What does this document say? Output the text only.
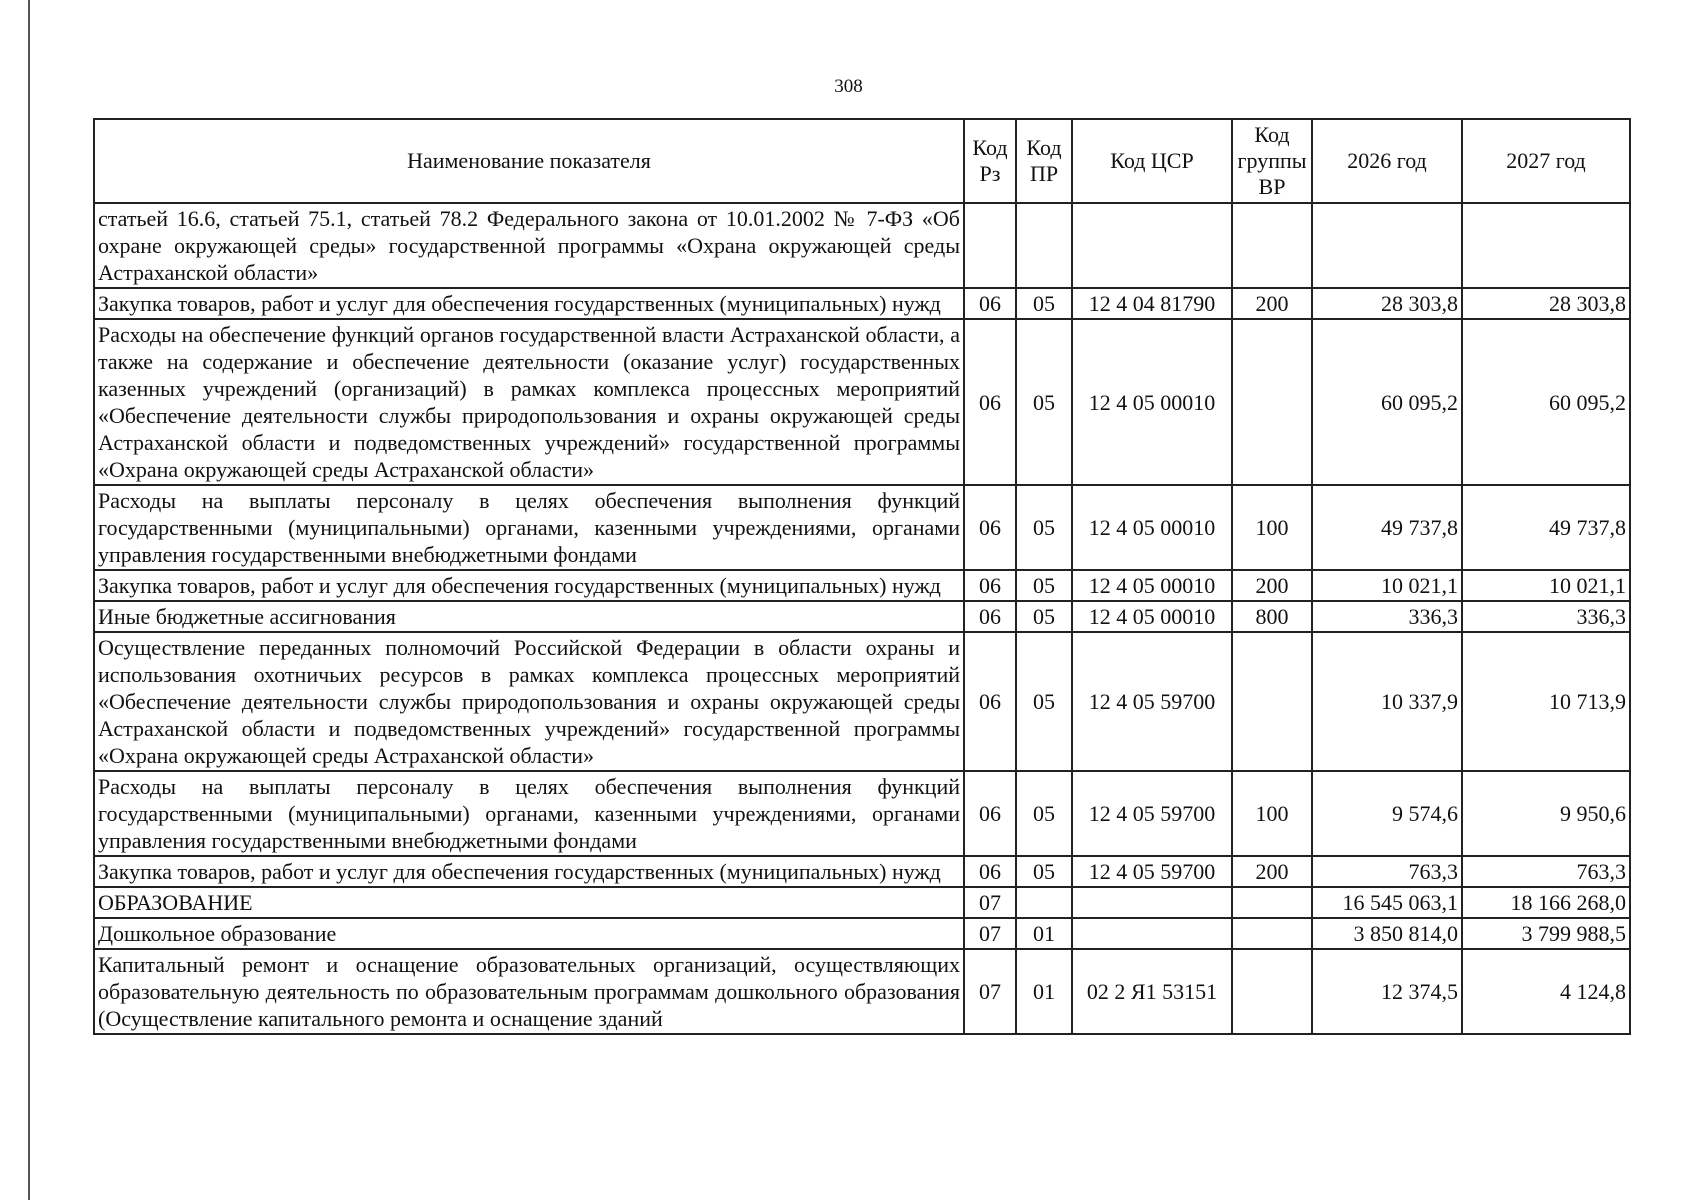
308
Наименование показателя	Код Рз	Код ПР	Код ЦСР	Код группы ВР	2026 год	2027 год
статьей 16.6, статьей 75.1, статьей 78.2 Федерального закона от 10.01.2002 № 7-ФЗ «Об охране окружающей среды» государственной программы «Охрана окружающей среды Астраханской области»						
Закупка товаров, работ и услуг для обеспечения государственных (муниципальных) нужд	06	05	12 4 04 81790	200	28 303,8	28 303,8
Расходы на обеспечение функций органов государственной власти Астраханской области, а также на содержание и обеспечение деятельности (оказание услуг) государственных казенных учреждений (организаций) в рамках комплекса процессных мероприятий «Обеспечение деятельности службы природопользования и охраны окружающей среды Астраханской области и подведомственных учреждений» государственной программы «Охрана окружающей среды Астраханской области»	06	05	12 4 05 00010		60 095,2	60 095,2
Расходы на выплаты персоналу в целях обеспечения выполнения функций государственными (муниципальными) органами, казенными учреждениями, органами управления государственными внебюджетными фондами	06	05	12 4 05 00010	100	49 737,8	49 737,8
Закупка товаров, работ и услуг для обеспечения государственных (муниципальных) нужд	06	05	12 4 05 00010	200	10 021,1	10 021,1
Иные бюджетные ассигнования	06	05	12 4 05 00010	800	336,3	336,3
Осуществление переданных полномочий Российской Федерации в области охраны и использования охотничьих ресурсов в рамках комплекса процессных мероприятий «Обеспечение деятельности службы природопользования и охраны окружающей среды Астраханской области и подведомственных учреждений» государственной программы «Охрана окружающей среды Астраханской области»	06	05	12 4 05 59700		10 337,9	10 713,9
Расходы на выплаты персоналу в целях обеспечения выполнения функций государственными (муниципальными) органами, казенными учреждениями, органами управления государственными внебюджетными фондами	06	05	12 4 05 59700	100	9 574,6	9 950,6
Закупка товаров, работ и услуг для обеспечения государственных (муниципальных) нужд	06	05	12 4 05 59700	200	763,3	763,3
ОБРАЗОВАНИЕ	07				16 545 063,1	18 166 268,0
Дошкольное образование	07	01			3 850 814,0	3 799 988,5
Капитальный ремонт и оснащение образовательных организаций, осуществляющих образовательную деятельность по образовательным программам дошкольного образования (Осуществление капитального ремонта и оснащение зданий	07	01	02 2 Я1 53151		12 374,5	4 124,8
